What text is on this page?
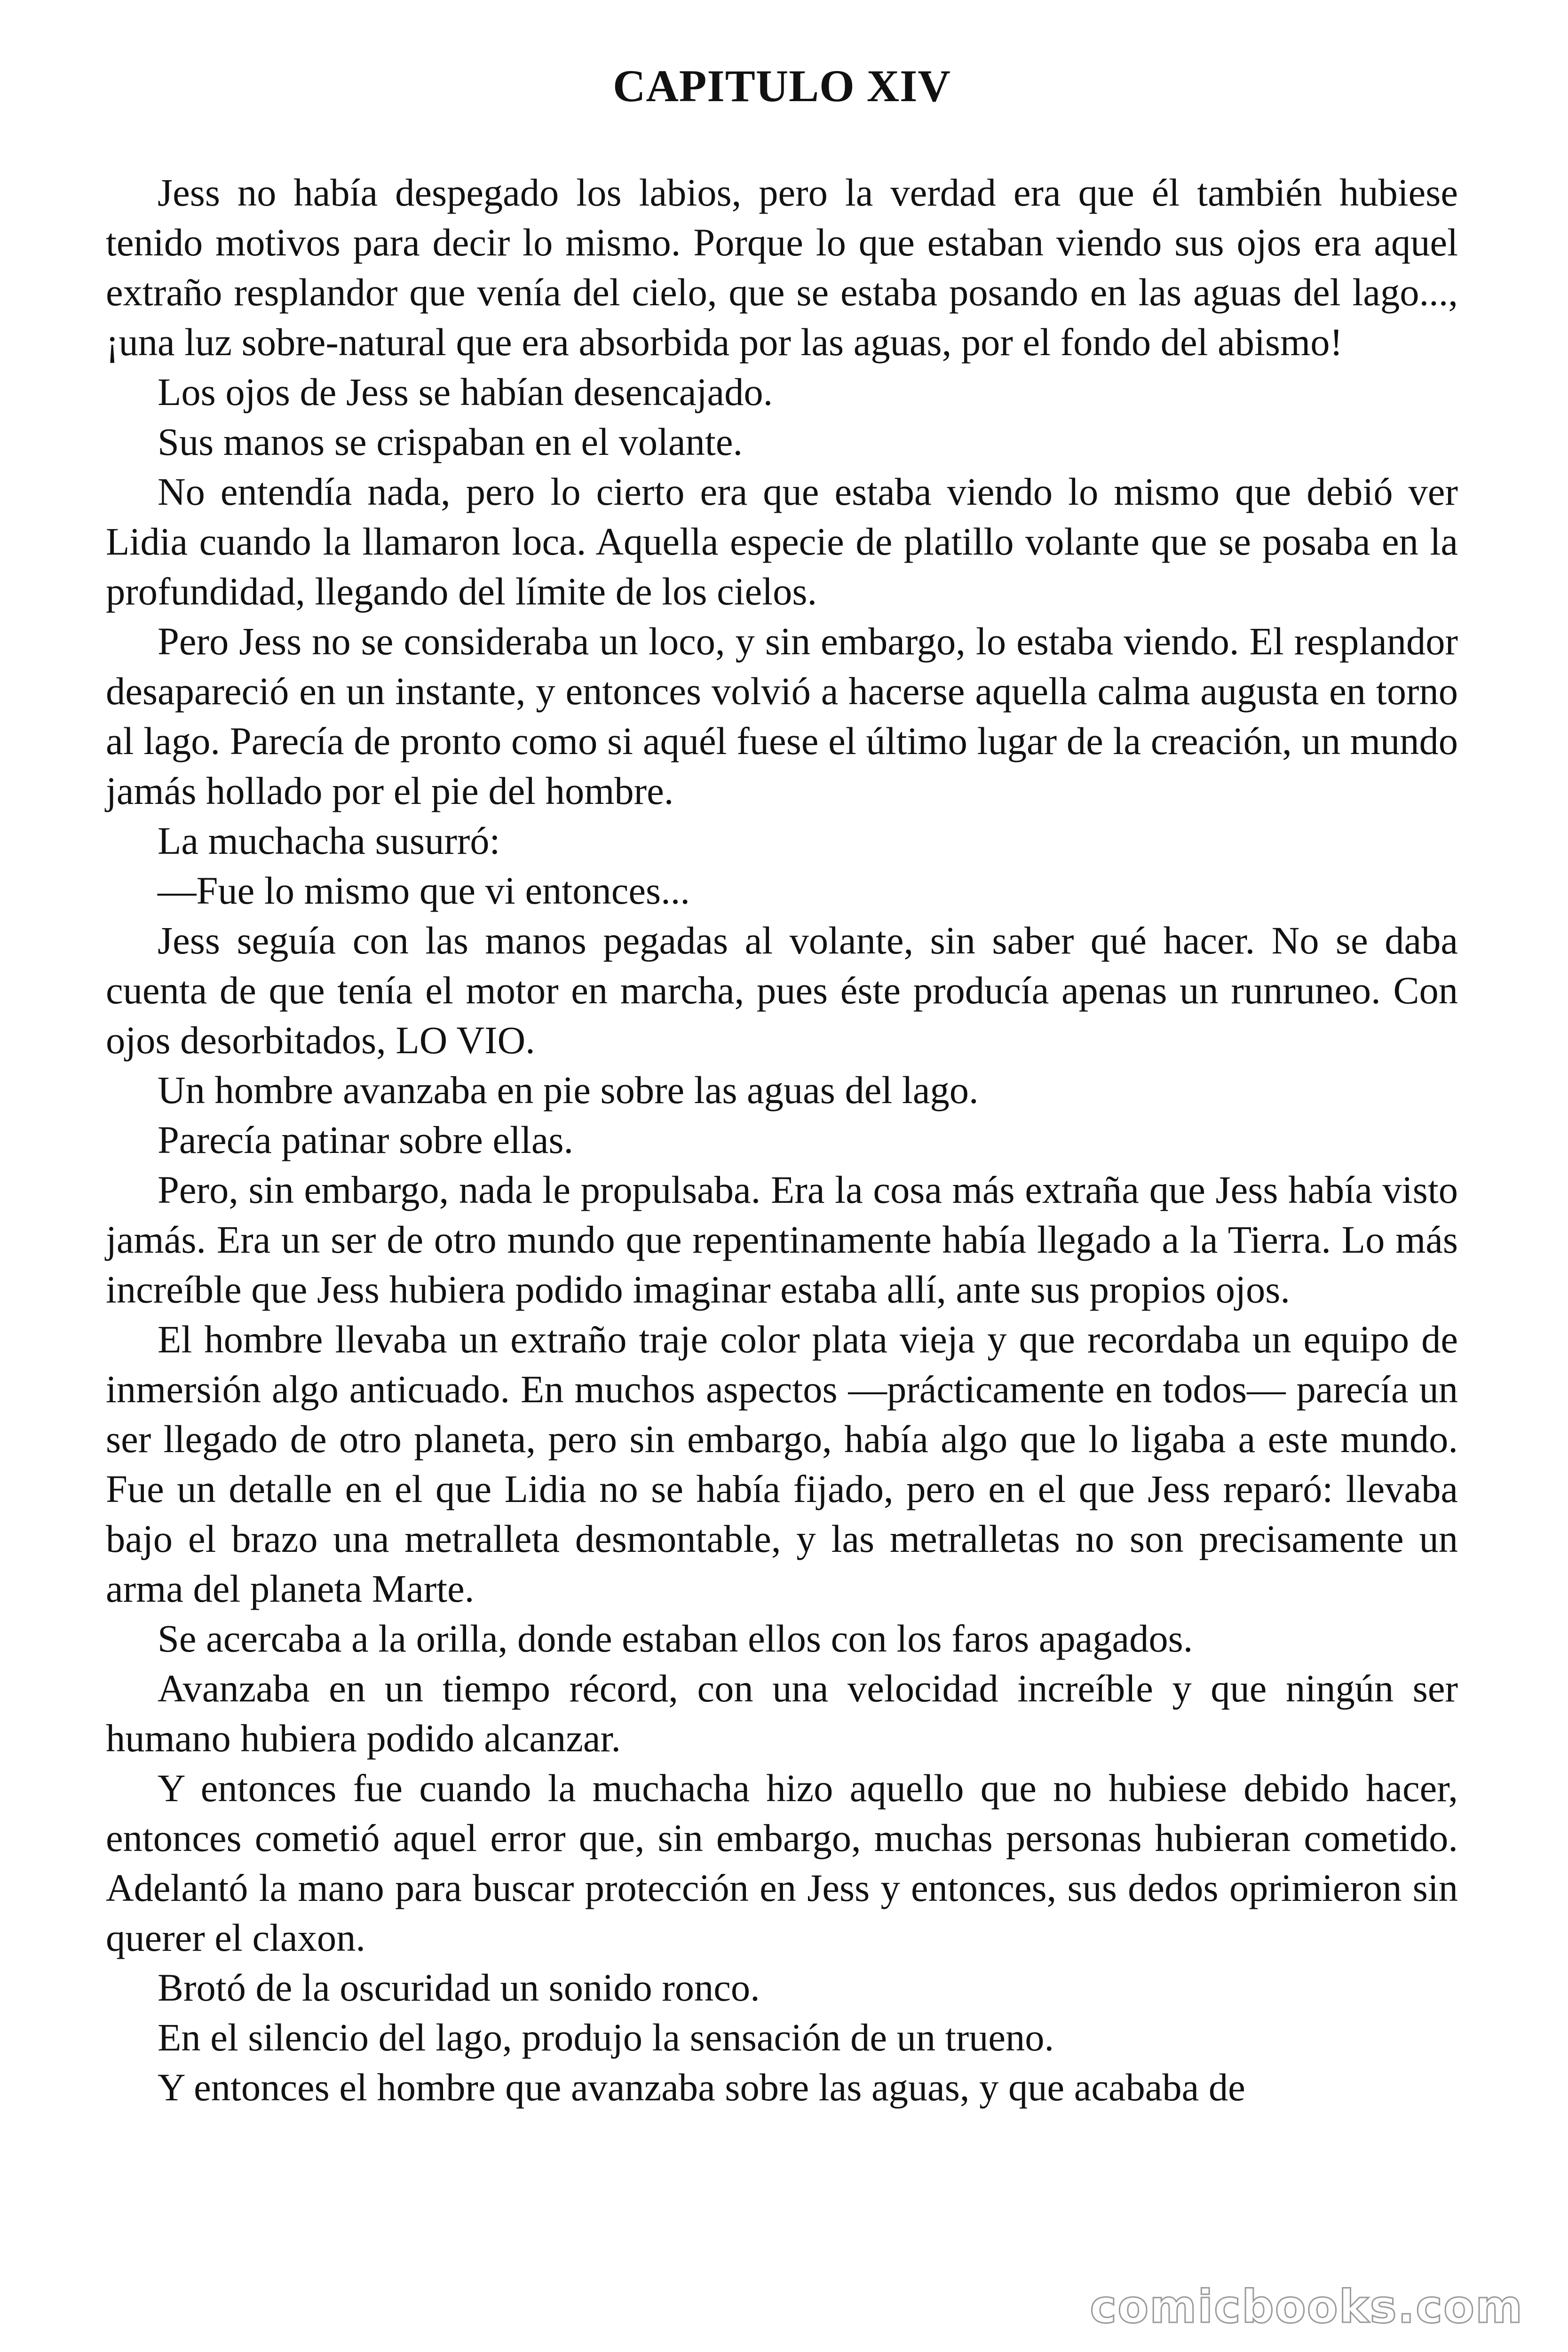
CAPITULO XIV

Jess no había despegado los labios, pero la verdad era que él también hubiese tenido motivos para decir lo mismo. Porque lo que estaban viendo sus ojos era aquel extraño resplandor que venía del cielo, que se estaba posando en las aguas del lago..., ¡una luz sobre-natural que era absorbida por las aguas, por el fondo del abismo!

Los ojos de Jess se habían desencajado.

Sus manos se crispaban en el volante.

No entendía nada, pero lo cierto era que estaba viendo lo mismo que debió ver Lidia cuando la llamaron loca. Aquella especie de platillo volante que se posaba en la profundidad, llegando del límite de los cielos.

Pero Jess no se consideraba un loco, y sin embargo, lo estaba viendo. El resplandor desapareció en un instante, y entonces volvió a hacerse aquella calma augusta en torno al lago. Parecía de pronto como si aquél fuese el último lugar de la creación, un mundo jamás hollado por el pie del hombre.

La muchacha susurró:

—Fue lo mismo que vi entonces...

Jess seguía con las manos pegadas al volante, sin saber qué hacer. No se daba cuenta de que tenía el motor en marcha, pues éste producía apenas un runruneo. Con ojos desorbitados, LO VIO.

Un hombre avanzaba en pie sobre las aguas del lago.

Parecía patinar sobre ellas.

Pero, sin embargo, nada le propulsaba. Era la cosa más extraña que Jess había visto jamás. Era un ser de otro mundo que repentinamente había llegado a la Tierra. Lo más increíble que Jess hubiera podido imaginar estaba allí, ante sus propios ojos.

El hombre llevaba un extraño traje color plata vieja y que recordaba un equipo de inmersión algo anticuado. En muchos aspectos —prácticamente en todos— parecía un ser llegado de otro planeta, pero sin embargo, había algo que lo ligaba a este mundo. Fue un detalle en el que Lidia no se había fijado, pero en el que Jess reparó: llevaba bajo el brazo una metralleta desmontable, y las metralletas no son precisamente un arma del planeta Marte.

Se acercaba a la orilla, donde estaban ellos con los faros apagados.

Avanzaba en un tiempo récord, con una velocidad increíble y que ningún ser humano hubiera podido alcanzar.

Y entonces fue cuando la muchacha hizo aquello que no hubiese debido hacer, entonces cometió aquel error que, sin embargo, muchas personas hubieran cometido. Adelantó la mano para buscar protección en Jess y entonces, sus dedos oprimieron sin querer el claxon.

Brotó de la oscuridad un sonido ronco.

En el silencio del lago, produjo la sensación de un trueno.

Y entonces el hombre que avanzaba sobre las aguas, y que acababa de

comicbooks.com
